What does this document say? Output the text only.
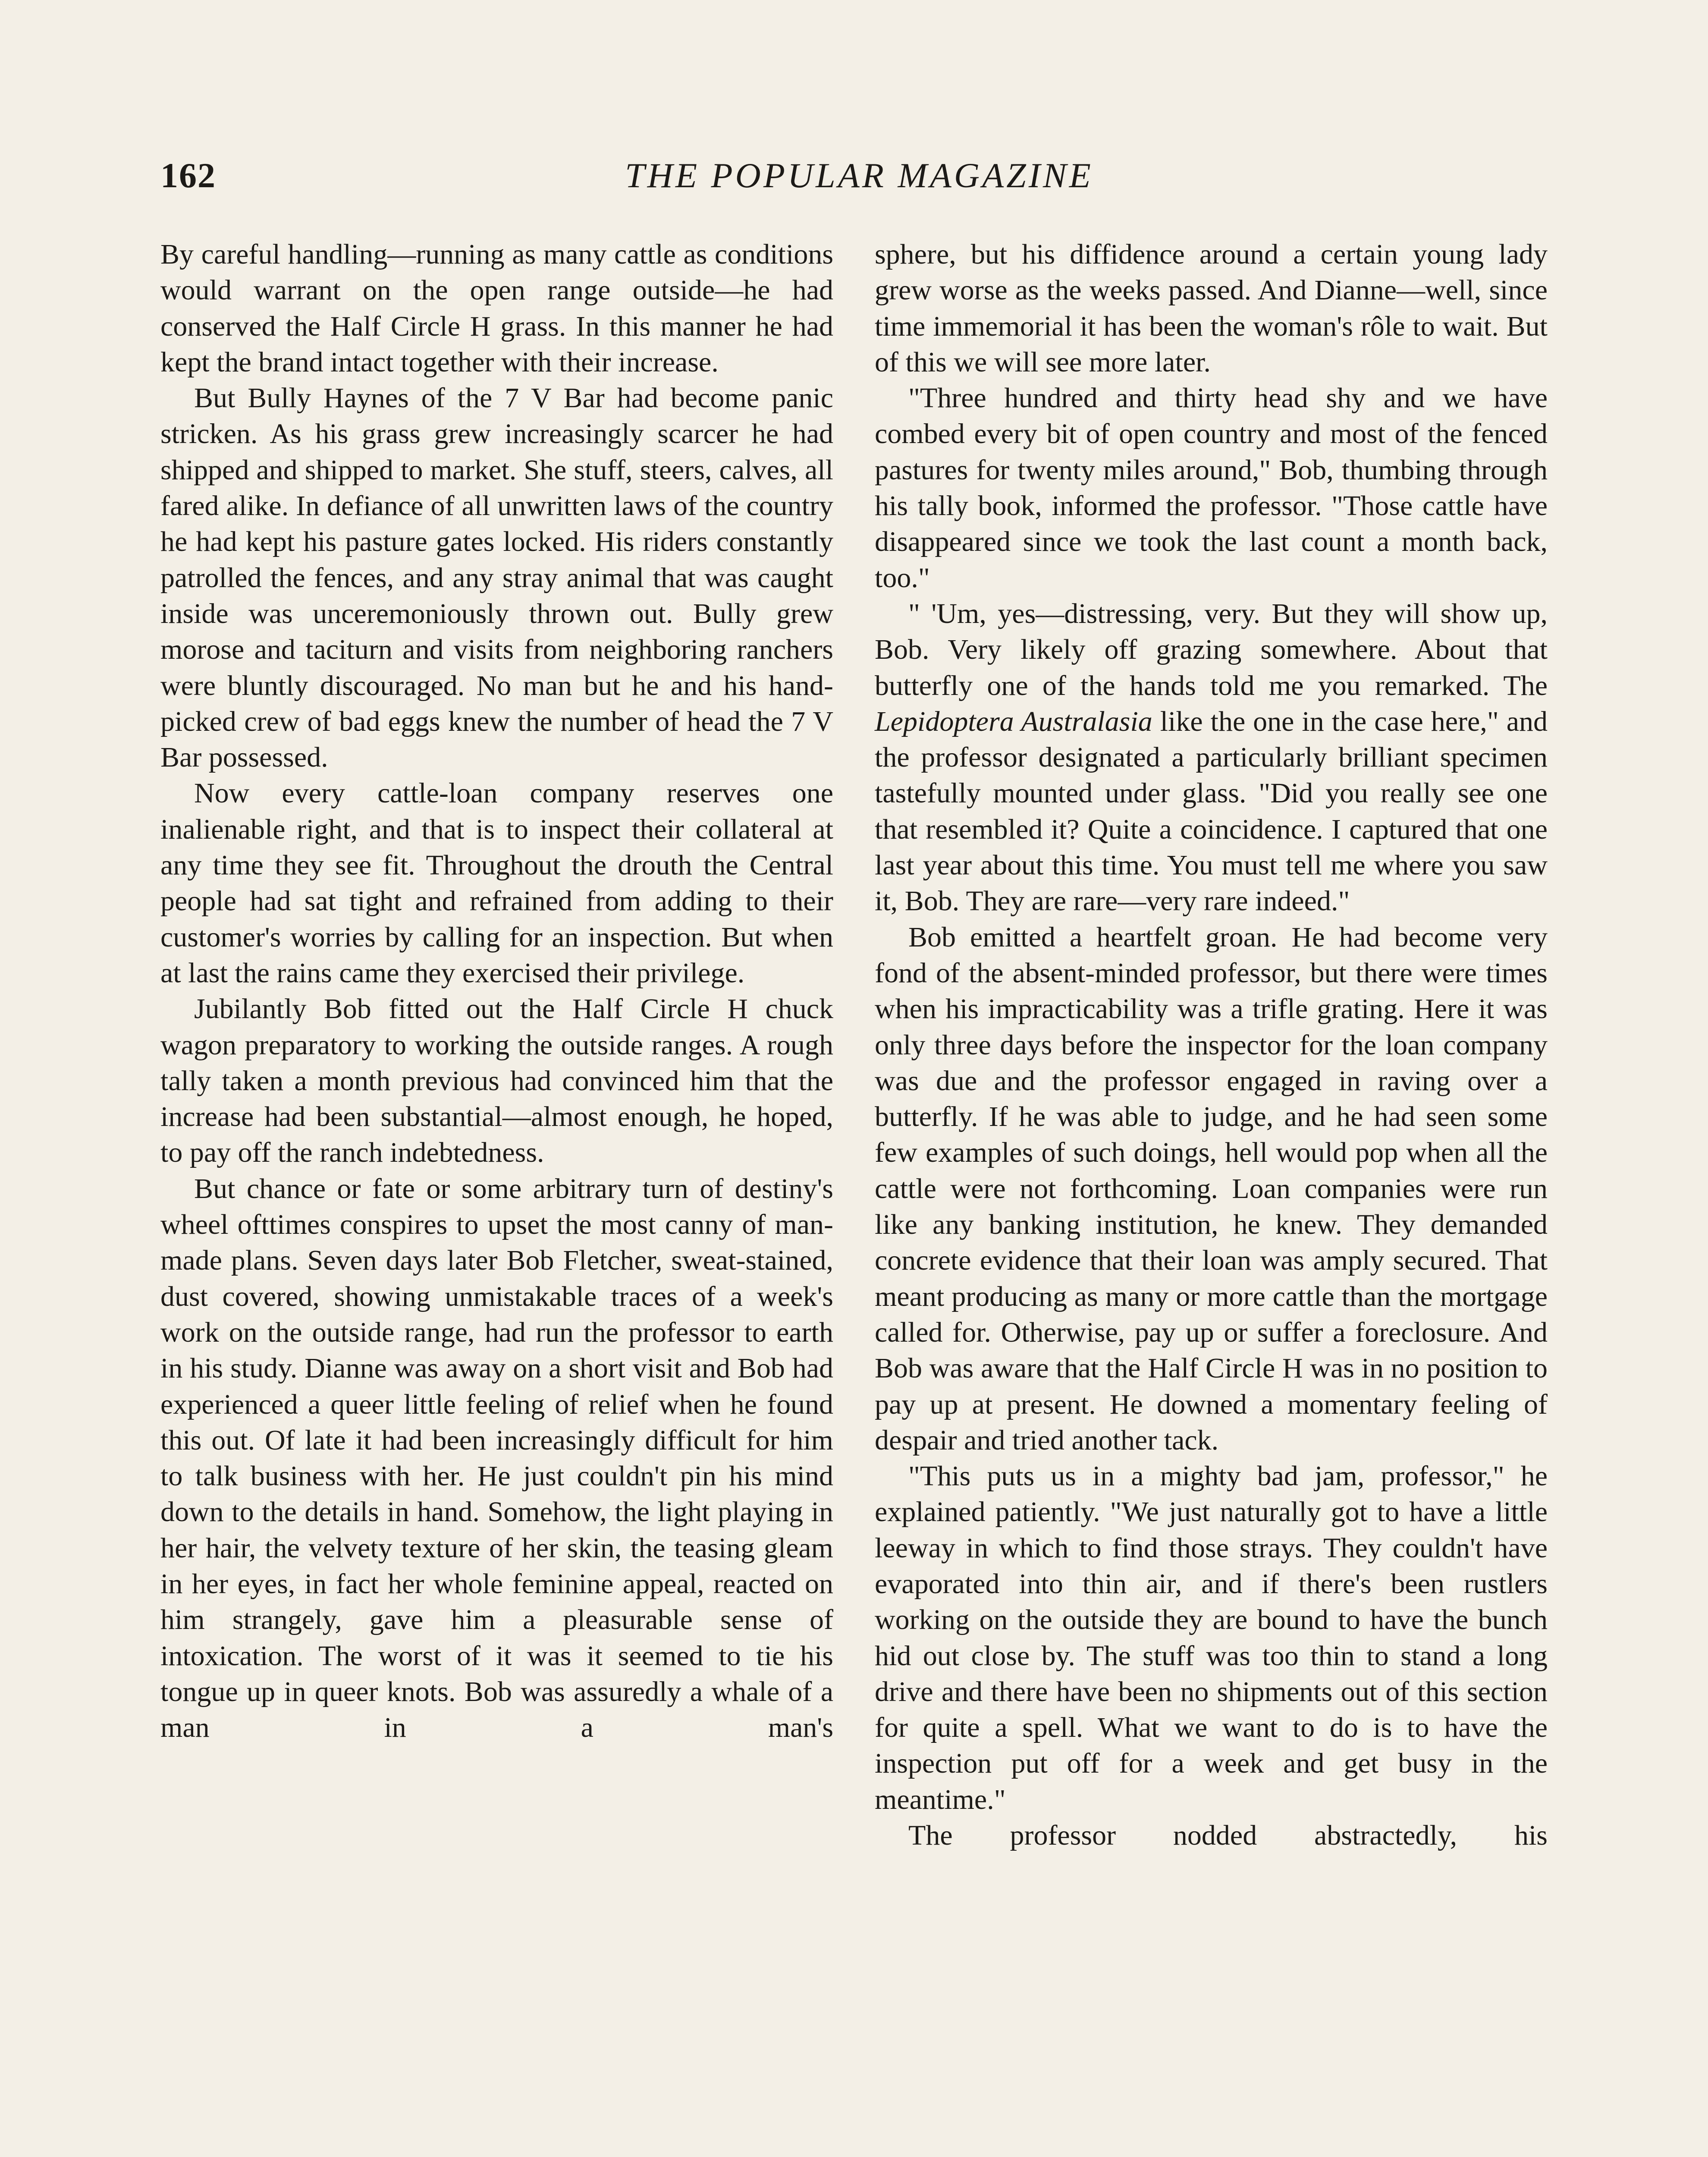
162	THE POPULAR MAGAZINE

By careful handling—running as many cattle as conditions would warrant on the open range outside—he had conserved the Half Circle H grass. In this manner he had kept the brand intact together with their increase.

But Bully Haynes of the 7 V Bar had become panic stricken. As his grass grew increasingly scarcer he had shipped and shipped to market. She stuff, steers, calves, all fared alike. In defiance of all unwritten laws of the country he had kept his pasture gates locked. His riders constantly patrolled the fences, and any stray animal that was caught inside was unceremoniously thrown out. Bully grew morose and taciturn and visits from neighboring ranchers were bluntly discouraged. No man but he and his hand-picked crew of bad eggs knew the number of head the 7 V Bar possessed.

Now every cattle-loan company reserves one inalienable right, and that is to inspect their collateral at any time they see fit. Throughout the drouth the Central people had sat tight and refrained from adding to their customer's worries by calling for an inspection. But when at last the rains came they exercised their privilege.

Jubilantly Bob fitted out the Half Circle H chuck wagon preparatory to working the outside ranges. A rough tally taken a month previous had convinced him that the increase had been substantial—almost enough, he hoped, to pay off the ranch indebtedness.

But chance or fate or some arbitrary turn of destiny's wheel ofttimes conspires to upset the most canny of man-made plans. Seven days later Bob Fletcher, sweat-stained, dust covered, showing unmistakable traces of a week's work on the outside range, had run the professor to earth in his study. Dianne was away on a short visit and Bob had experienced a queer little feeling of relief when he found this out. Of late it had been increasingly difficult for him to talk business with her. He just couldn't pin his mind down to the details in hand. Somehow, the light playing in her hair, the velvety texture of her skin, the teasing gleam in her eyes, in fact her whole feminine appeal, reacted on him strangely, gave him a pleasurable sense of intoxication. The worst of it was it seemed to tie his tongue up in queer knots. Bob was assuredly a whale of a man in a man's

sphere, but his diffidence around a certain young lady grew worse as the weeks passed. And Dianne—well, since time immemorial it has been the woman's rôle to wait. But of this we will see more later.

"Three hundred and thirty head shy and we have combed every bit of open country and most of the fenced pastures for twenty miles around," Bob, thumbing through his tally book, informed the professor. "Those cattle have disappeared since we took the last count a month back, too."

" 'Um, yes—distressing, very. But they will show up, Bob. Very likely off grazing somewhere. About that butterfly one of the hands told me you remarked. The Lepidoptera Australasia like the one in the case here," and the professor designated a particularly brilliant specimen tastefully mounted under glass. "Did you really see one that resembled it? Quite a coincidence. I captured that one last year about this time. You must tell me where you saw it, Bob. They are rare—very rare indeed."

Bob emitted a heartfelt groan. He had become very fond of the absent-minded professor, but there were times when his impracticability was a trifle grating. Here it was only three days before the inspector for the loan company was due and the professor engaged in raving over a butterfly. If he was able to judge, and he had seen some few examples of such doings, hell would pop when all the cattle were not forthcoming. Loan companies were run like any banking institution, he knew. They demanded concrete evidence that their loan was amply secured. That meant producing as many or more cattle than the mortgage called for. Otherwise, pay up or suffer a foreclosure. And Bob was aware that the Half Circle H was in no position to pay up at present. He downed a momentary feeling of despair and tried another tack.

"This puts us in a mighty bad jam, professor," he explained patiently. "We just naturally got to have a little leeway in which to find those strays. They couldn't have evaporated into thin air, and if there's been rustlers working on the outside they are bound to have the bunch hid out close by. The stuff was too thin to stand a long drive and there have been no shipments out of this section for quite a spell. What we want to do is to have the inspection put off for a week and get busy in the meantime."

The professor nodded abstractedly, his
